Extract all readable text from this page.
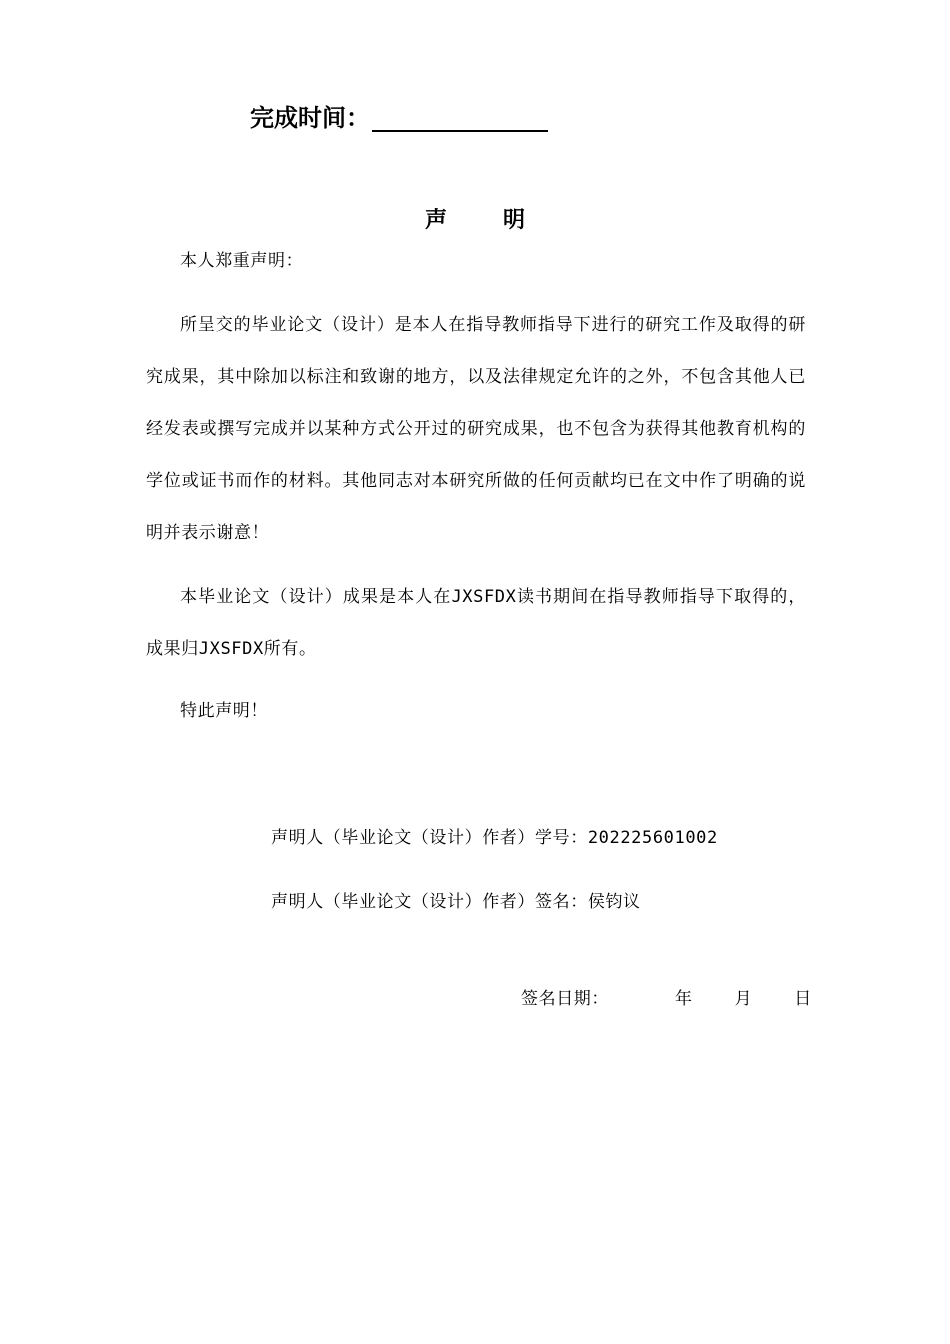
完成时间：
声明
本人郑重声明：
所呈交的毕业论文（设计）是本人在指导教师指导下进行的研究工作及取得的研究成果，其中除加以标注和致谢的地方，以及法律规定允许的之外，不包含其他人已经发表或撰写完成并以某种方式公开过的研究成果，也不包含为获得其他教育机构的学位或证书而作的材料。其他同志对本研究所做的任何贡献均已在文中作了明确的说明并表示谢意！
本毕业论文（设计）成果是本人在JXSFDX读书期间在指导教师指导下取得的，成果归JXSFDX所有。
特此声明！
声明人（毕业论文（设计）作者）学号：202225601002
声明人（毕业论文（设计）作者）签名：侯钧议
签名日期：	年 月 日
